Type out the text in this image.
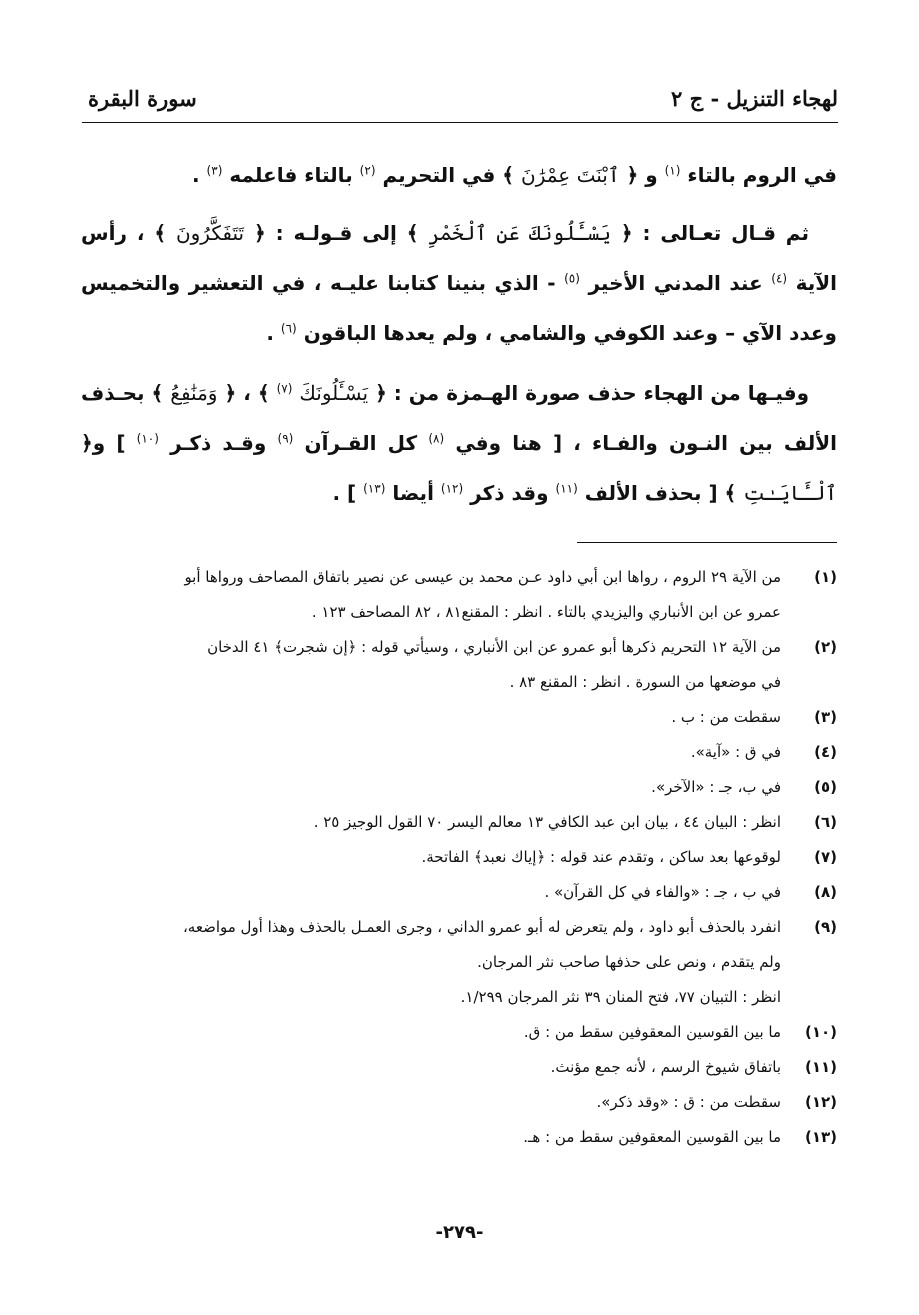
لهجاء التنزيل - ج ٢
سورة البقرة

في الروم بالتاء $^{(١)}$ و ﴿ ٱبْنَتَ عِمْرَٰنَ ﴾ في التحريم $^{(٢)}$ بالتاء فاعلمه $^{(٣)}$ .

ثم قـال تعـالى : ﴿ يَسْـَٔلُونَكَ عَنِ ٱلْخَمْرِ ﴾ إلى قـولـه : ﴿ تَتَفَكَّرُونَ ﴾ ، رأس الآية $^{(٤)}$ عند المدني الأخير $^{(٥)}$ - الذي بنينا كتابنا عليـه ، في التعشير والتخميس وعدد الآي – وعند الكوفي والشامي ، ولم يعدها الباقون $^{(٦)}$ .

وفيـها من الهجاء حذف صورة الهـمزة من : ﴿ يَسْـَٔلُونَكَ $^{(٧)}$ ﴾ ، ﴿ وَمَنَٰفِعُ ﴾ بحـذف الألف بين النـون والفـاء ، [ هنا وفي $^{(٨)}$ كل القـرآن $^{(٩)}$ وقـد ذكـر $^{(١٠)}$ ] و﴿ ٱلْـَٔايَـٰتِ ﴾ [ بحذف الألف $^{(١١)}$ وقد ذكر $^{(١٢)}$ أيضا $^{(١٣)}$ ] .

(١)
من الآية ٢٩ الروم ، رواها ابن أبي داود عـن محمد بن عيسى عن نصير باتفاق المصاحف ورواها أبو
عمرو عن ابن الأنباري واليزيدي بالتاء . انظر : المقنع٨١ ، ٨٢ المصاحف ١٢٣ .
(٢)
من الآية ١٢ التحريم ذكرها أبو عمرو عن ابن الأنباري ، وسيأتي قوله : ﴿إن شجرت﴾ ٤١ الدخان
في موضعها من السورة . انظر : المقنع ٨٣ .
(٣)
سقطت من : ب .
(٤)
في ق : «آية».
(٥)
في ب، جـ : «الآخر».
(٦)
انظر : البيان ٤٤ ، بيان ابن عبد الكافي ١٣ معالم اليسر ٧٠ القول الوجيز ٢٥ .
(٧)
لوقوعها بعد ساكن ، وتقدم عند قوله : ﴿إياك نعبد﴾ الفاتحة.
(٨)
في ب ، جـ : «والفاء في كل القرآن» .
(٩)
انفرد بالحذف أبو داود ، ولم يتعرض له أبو عمرو الداني ، وجرى العمـل بالحذف وهذا أول مواضعه،
ولم يتقدم ، ونص على حذفها صاحب نثر المرجان.
انظر : التبيان ٧٧، فتح المنان ٣٩ نثر المرجان ١/٢٩٩.
(١٠)
ما بين القوسين المعقوفين سقط من : ق.
(١١)
باتفاق شيوخ الرسم ، لأنه جمع مؤنث.
(١٢)
سقطت من : ق : «وقد ذكر».
(١٣)
ما بين القوسين المعقوفين سقط من : هـ.
-٢٧٩-
